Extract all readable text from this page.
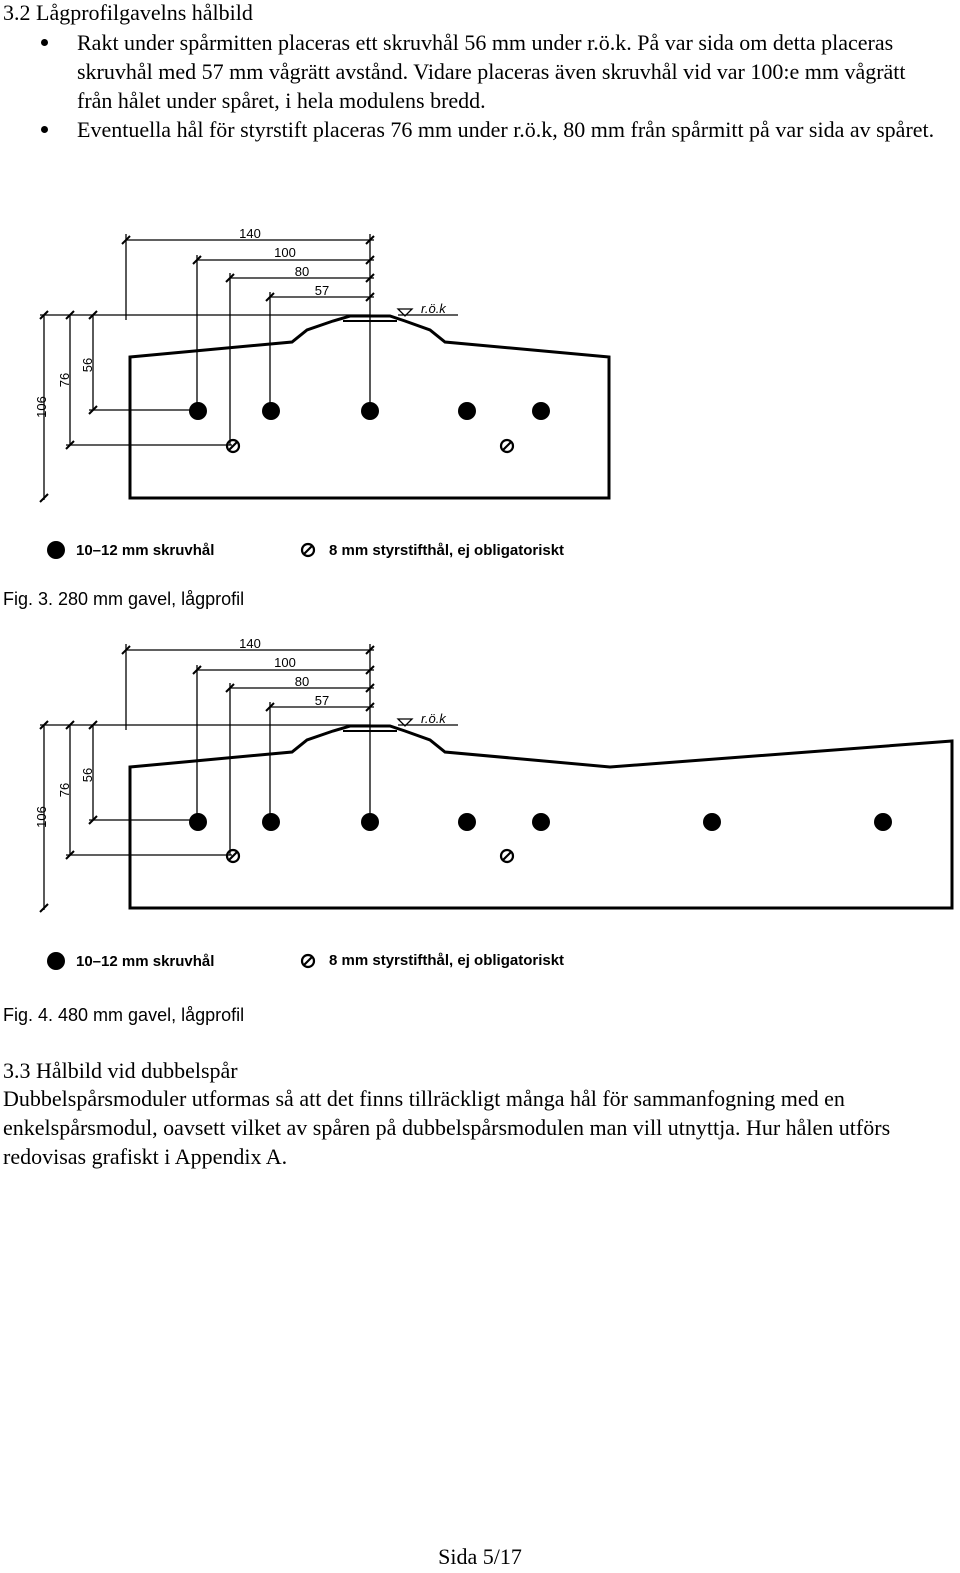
3.2 Lågprofilgavelns hålbild
Rakt under spårmitten placeras ett skruvhål 56 mm under r.ö.k. På var sida om detta placeras skruvhål med 57 mm vågrätt avstånd. Vidare placeras även skruvhål vid var 100:e mm vågrätt från hålet under spåret, i hela modulens bredd.
Eventuella hål för styrstift placeras 76 mm under r.ö.k, 80 mm från spårmitt på var sida av spåret.
140
100
80
57
r.ö.k
56
76
106
10–12 mm skruvhål	8 mm styrstifthål, ej obligatoriskt
Fig. 3. 280 mm gavel, lågprofil
140
100
80
57
r.ö.k
56
76
106
10–12 mm skruvhål	8 mm styrstifthål, ej obligatoriskt
Fig. 4. 480 mm gavel, lågprofil
3.3 Hålbild vid dubbelspår
Dubbelspårsmoduler utformas så att det finns tillräckligt många hål för sammanfogning med en enkelspårsmodul, oavsett vilket av spåren på dubbelspårsmodulen man vill utnyttja. Hur hålen utförs redovisas grafiskt i Appendix A.
Sida 5/17
